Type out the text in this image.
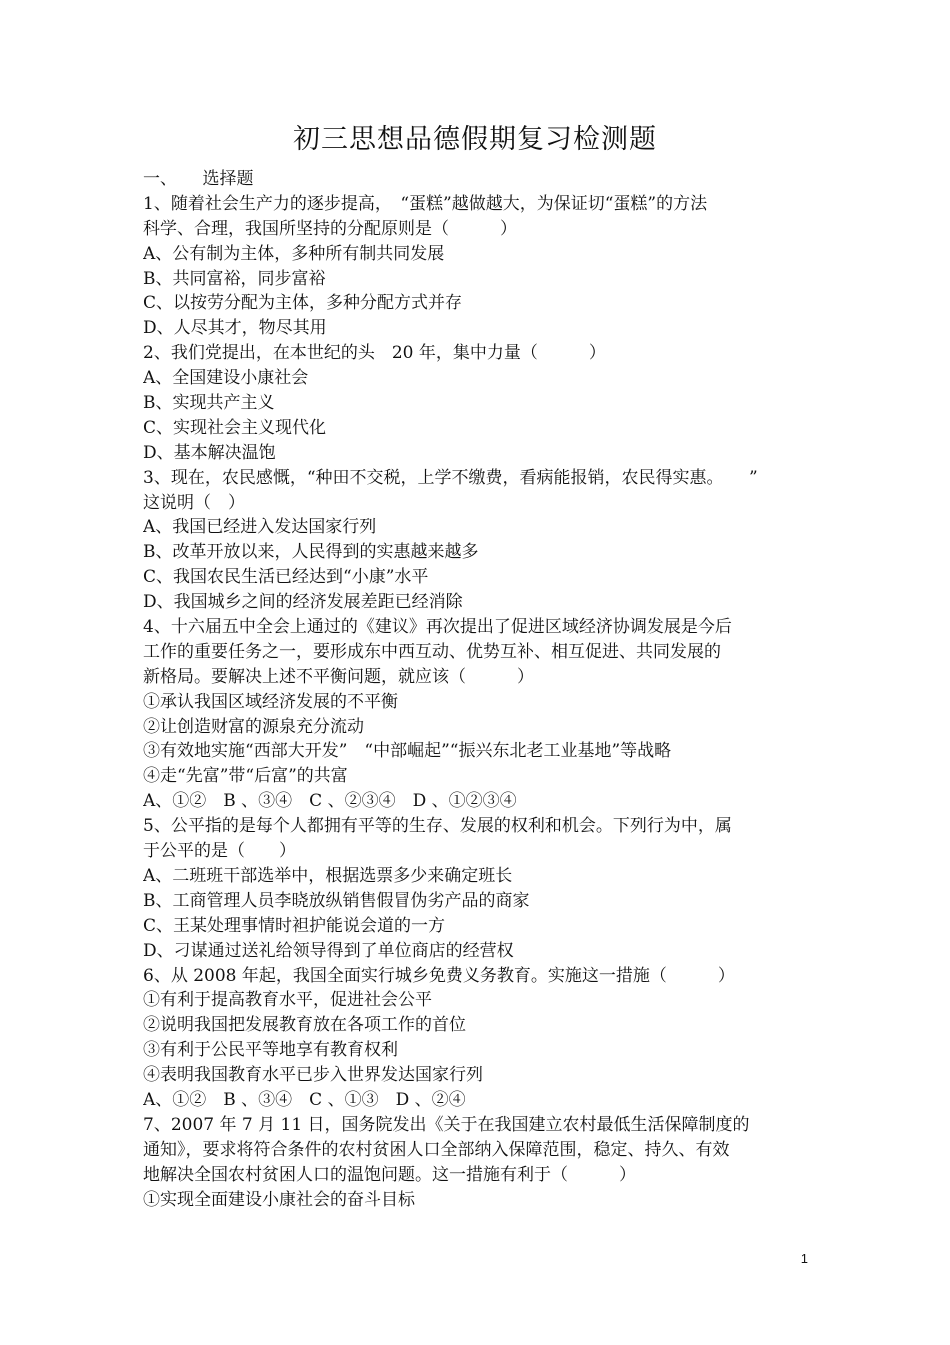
初三思想品德假期复习检测题
一、　　选择题
1、随着社会生产力的逐步提高，　“蛋糕”越做越大，为保证切“蛋糕”的方法
科学、合理，我国所坚持的分配原则是（　　　）
A、公有制为主体，多种所有制共同发展
B、共同富裕，同步富裕
C、以按劳分配为主体，多种分配方式并存
D、人尽其才，物尽其用
2、我们党提出，在本世纪的头　20 年，集中力量（　　　）
A、全国建设小康社会
B、实现共产主义
C、实现社会主义现代化
D、基本解决温饱
3、现在，农民感慨，“种田不交税，上学不缴费，看病能报销，农民得实惠。　　”
这说明（　）
A、我国已经进入发达国家行列
B、改革开放以来，人民得到的实惠越来越多
C、我国农民生活已经达到“小康”水平
D、我国城乡之间的经济发展差距已经消除
4、十六届五中全会上通过的《建议》再次提出了促进区域经济协调发展是今后
工作的重要任务之一，要形成东中西互动、优势互补、相互促进、共同发展的
新格局。要解决上述不平衡问题，就应该（　　　）
①承认我国区域经济发展的不平衡
②让创造财富的源泉充分流动
③有效地实施“西部大开发”　“中部崛起”“振兴东北老工业基地”等战略
④走“先富”带“后富”的共富
A、①②　B 、③④　C 、②③④　D 、①②③④
5、公平指的是每个人都拥有平等的生存、发展的权利和机会。下列行为中，属
于公平的是（　　）
A、二班班干部选举中，根据选票多少来确定班长
B、工商管理人员李晓放纵销售假冒伪劣产品的商家
C、王某处理事情时袒护能说会道的一方
D、刁谋通过送礼给领导得到了单位商店的经营权
6、从 2008 年起，我国全面实行城乡免费义务教育。实施这一措施（　　　）
①有利于提高教育水平，促进社会公平
②说明我国把发展教育放在各项工作的首位
③有利于公民平等地享有教育权利
④表明我国教育水平已步入世界发达国家行列
A、①②　B 、③④　C 、①③　D 、②④
7、2007 年 7 月 11 日，国务院发出《关于在我国建立农村最低生活保障制度的
通知》，要求将符合条件的农村贫困人口全部纳入保障范围，稳定、持久、有效
地解决全国农村贫困人口的温饱问题。这一措施有利于（　　　）
①实现全面建设小康社会的奋斗目标
1
